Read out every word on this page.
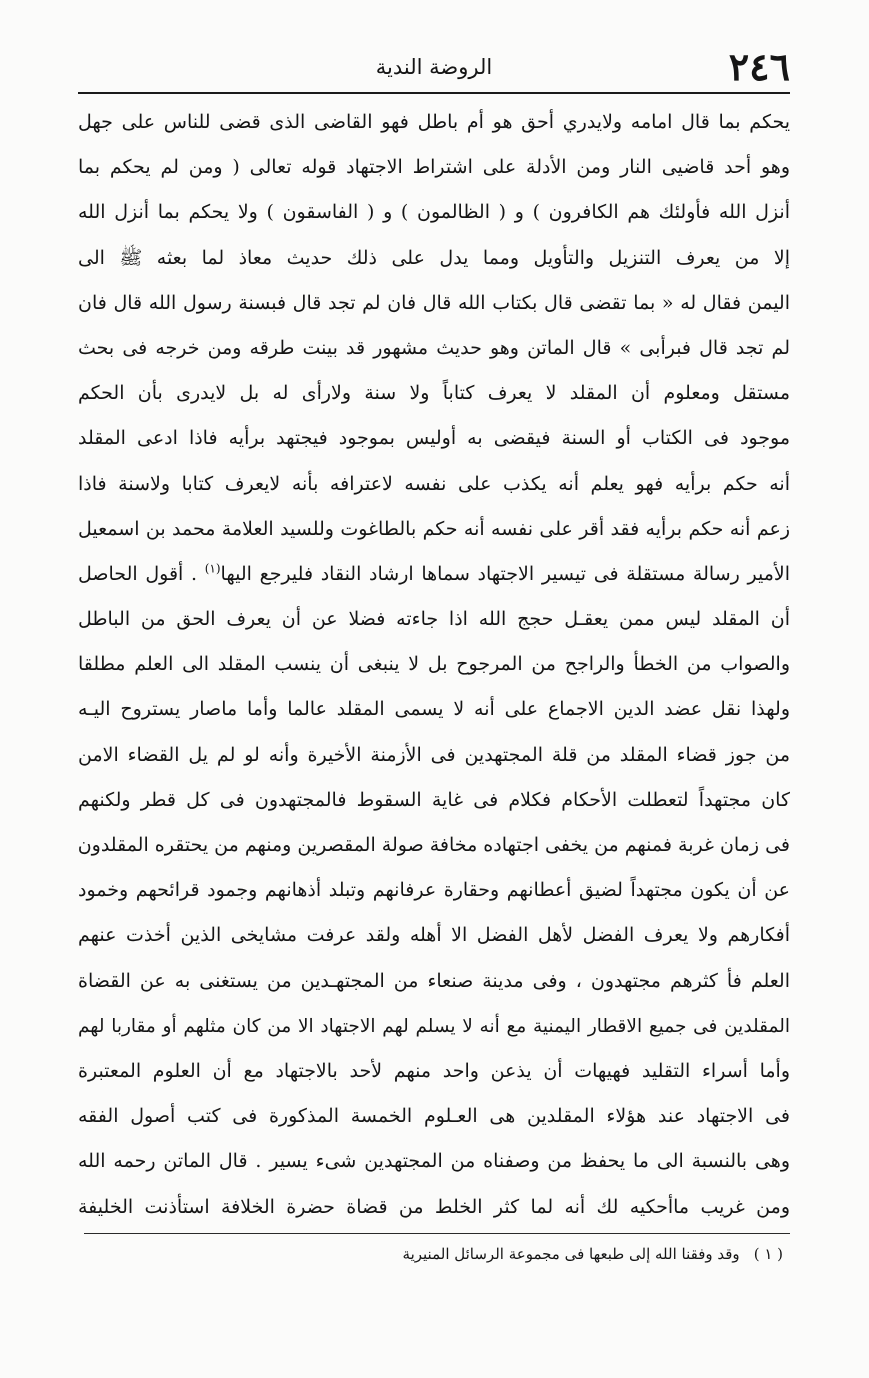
٢٤٦
الروضة الندية
يحكم بما قال امامه ولايدري أحق هو أم باطل فهو القاضى الذى قضى للناس على جهل
وهو أحد قاضيى النار ومن الأدلة على اشتراط الاجتهاد قوله تعالى ( ومن لم يحكم بما
أنزل الله فأولئك هم الكافرون ) و ( الظالمون ) و ( الفاسقون ) ولا يحكم بما أنزل الله
إلا من يعرف التنزيل والتأويل ومما يدل على ذلك حديث معاذ لما بعثه ﷺ الى
اليمن فقال له « بما تقضى قال بكتاب الله قال فان لم تجد قال فبسنة رسول الله قال فان
لم تجد قال فبرأبى » قال الماتن وهو حديث مشهور قد بينت طرقه ومن خرجه فى بحث
مستقل ومعلوم أن المقلد لا يعرف كتاباً ولا سنة ولارأى له بل لايدرى بأن الحكم
موجود فى الكتاب أو السنة فيقضى به أوليس بموجود فيجتهد برأيه فاذا ادعى المقلد
أنه حكم برأيه فهو يعلم أنه يكذب على نفسه لاعترافه بأنه لايعرف كتابا ولاسنة فاذا
زعم أنه حكم برأيه فقد أقر على نفسه أنه حكم بالطاغوت وللسيد العلامة محمد بن اسمعيل
الأمير رسالة مستقلة فى تيسير الاجتهاد سماها ارشاد النقاد فليرجع اليها$^{(١)}$ . أقول الحاصل
أن المقلد ليس ممن يعقـل حجج الله اذا جاءته فضلا عن أن يعرف الحق من الباطل
والصواب من الخطأ والراجح من المرجوح بل لا ينبغى أن ينسب المقلد الى العلم مطلقا
ولهذا نقل عضد الدين الاجماع على أنه لا يسمى المقلد عالما وأما ماصار يستروح اليـه
من جوز قضاء المقلد من قلة المجتهدين فى الأزمنة الأخيرة وأنه لو لم يل القضاء الامن
كان مجتهداً لتعطلت الأحكام فكلام فى غاية السقوط فالمجتهدون فى كل قطر ولكنهم
فى زمان غربة فمنهم من يخفى اجتهاده مخافة صولة المقصرين ومنهم من يحتقره المقلدون
عن أن يكون مجتهداً لضيق أعطانهم وحقارة عرفانهم وتبلد أذهانهم وجمود قرائحهم وخمود
أفكارهم ولا يعرف الفضل لأهل الفضل الا أهله ولقد عرفت مشايخى الذين أخذت عنهم
العلم فأ كثرهم مجتهدون ، وفى مدينة صنعاء من المجتهـدين من يستغنى به عن القضاة
المقلدين فى جميع الاقطار اليمنية مع أنه لا يسلم لهم الاجتهاد الا من كان مثلهم أو مقاربا لهم
وأما أسراء التقليد فهيهات أن يذعن واحد منهم لأحد بالاجتهاد مع أن العلوم المعتبرة
فى الاجتهاد عند هؤلاء المقلدين هى العـلوم الخمسة المذكورة فى كتب أصول الفقه
وهى بالنسبة الى ما يحفظ من وصفناه من المجتهدين شىء يسير . قال الماتن رحمه الله
ومن غريب ماأحكيه لك أنه لما كثر الخلط من قضاة حضرة الخلافة استأذنت الخليفة
( ١ )وقد وفقنا الله إلى طبعها فى مجموعة الرسائل المنيرية
